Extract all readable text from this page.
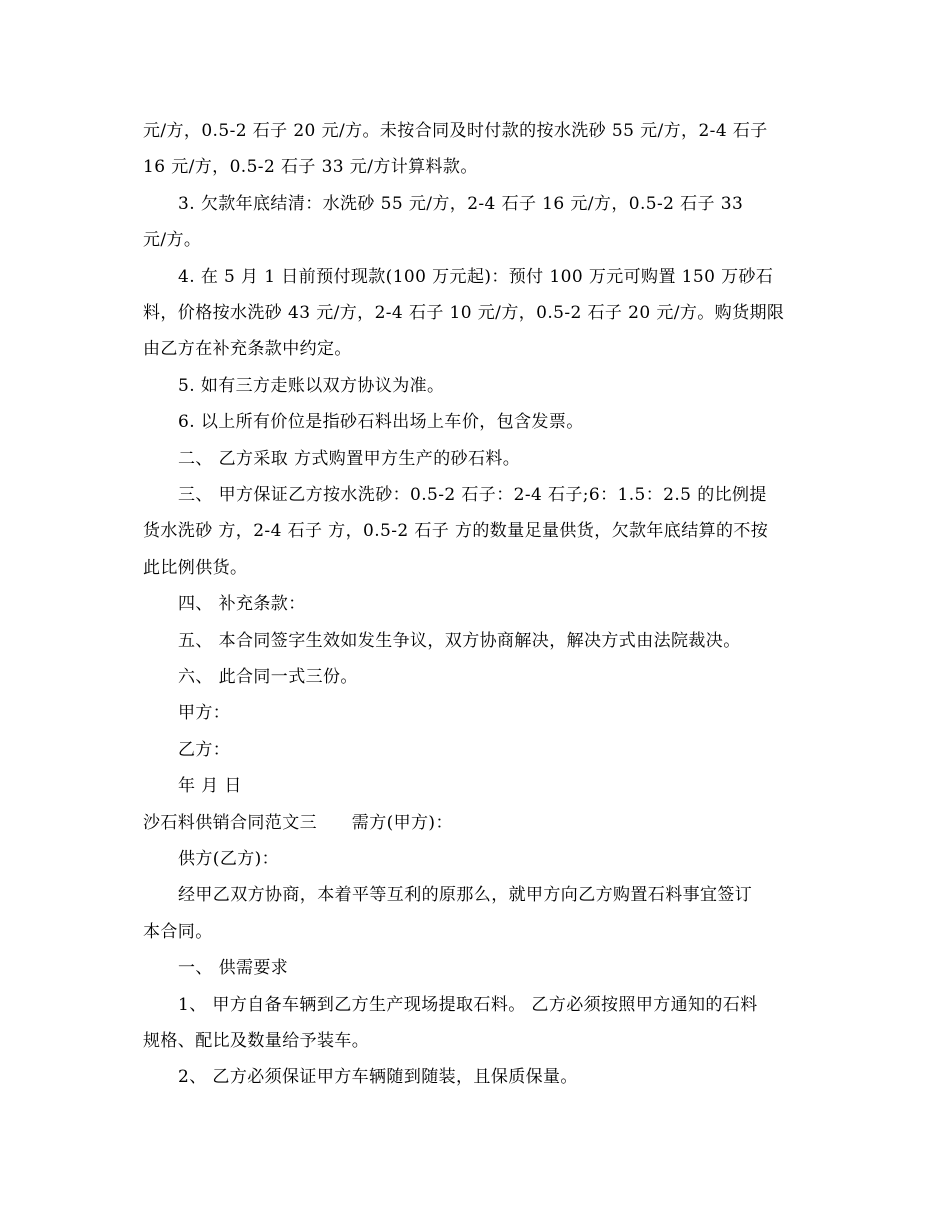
元/方，0.5-2 石子 20 元/方。未按合同及时付款的按水洗砂 55 元/方，2-4 石子
16 元/方，0.5-2 石子 33 元/方计算料款。
3. 欠款年底结清：水洗砂 55 元/方，2-4 石子 16 元/方，0.5-2 石子 33
元/方。
4. 在 5 月 1 日前预付现款(100 万元起)：预付 100 万元可购置 150 万砂石
料，价格按水洗砂 43 元/方，2-4 石子 10 元/方，0.5-2 石子 20 元/方。购货期限
由乙方在补充条款中约定。
5. 如有三方走账以双方协议为准。
6. 以上所有价位是指砂石料出场上车价，包含发票。
二、 乙方采取 方式购置甲方生产的砂石料。
三、 甲方保证乙方按水洗砂：0.5-2 石子：2-4 石子;6：1.5：2.5 的比例提
货水洗砂 方，2-4 石子 方，0.5-2 石子 方的数量足量供货，欠款年底结算的不按
此比例供货。
四、 补充条款：
五、 本合同签字生效如发生争议，双方协商解决，解决方式由法院裁决。
六、 此合同一式三份。
甲方：
乙方：
年 月 日
沙石料供销合同范文三　　需方(甲方)：
供方(乙方)：
经甲乙双方协商，本着平等互利的原那么，就甲方向乙方购置石料事宜签订
本合同。
一、 供需要求
1、 甲方自备车辆到乙方生产现场提取石料。 乙方必须按照甲方通知的石料
规格、配比及数量给予装车。
2、 乙方必须保证甲方车辆随到随装，且保质保量。
